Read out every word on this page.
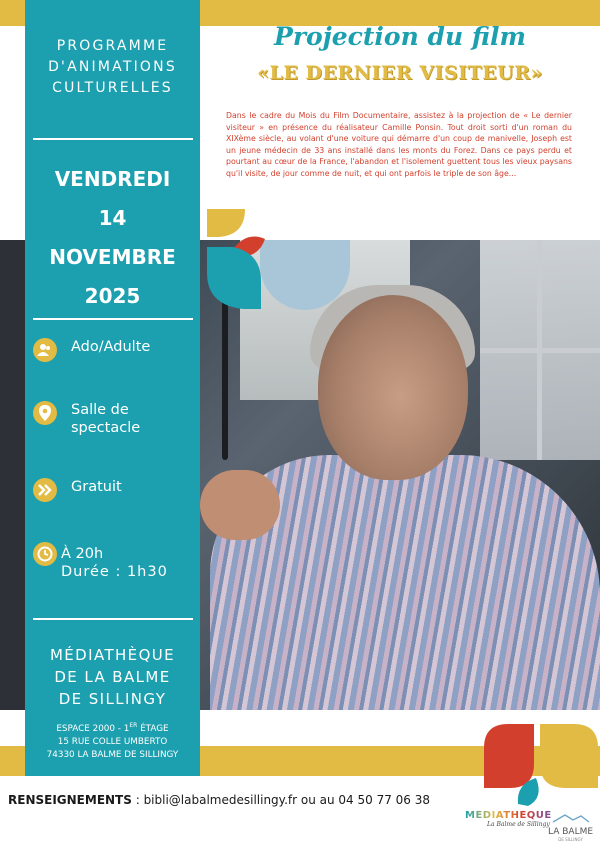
PROGRAMME
D'ANIMATIONS
CULTURELLES
VENDREDI
14
NOVEMBRE
2025
Ado/Adulte
Salle de
spectacle
Gratuit
À 20h
Durée : 1h30
MÉDIATHÈQUE
DE LA BALME
DE SILLINGY
ESPACE 2000 - 1ER ÉTAGE
15 RUE COLLE UMBERTO
74330 LA BALME DE SILLINGY
Projection du film
«LE DERNIER VISITEUR»
Dans le cadre du Mois du Film Documentaire, assistez à la projection de « Le dernier visiteur » en présence du réalisateur Camille Ponsin. Tout droit sorti d'un roman du XIXème siècle, au volant d'une voiture qui démarre d'un coup de manivelle, Joseph est un jeune médecin de 33 ans installé dans les monts du Forez. Dans ce pays perdu et pourtant au cœur de la France, l'abandon et l'isolement guettent tous les vieux paysans qu'il visite, de jour comme de nuit, et qui ont parfois le triple de son âge...
RENSEIGNEMENTS : bibli@labalmedesillingy.fr ou au 04 50 77 06 38
MÉDIATHÈQUE
La Balme de Sillingy
LA BALME
DE SILLINGY
